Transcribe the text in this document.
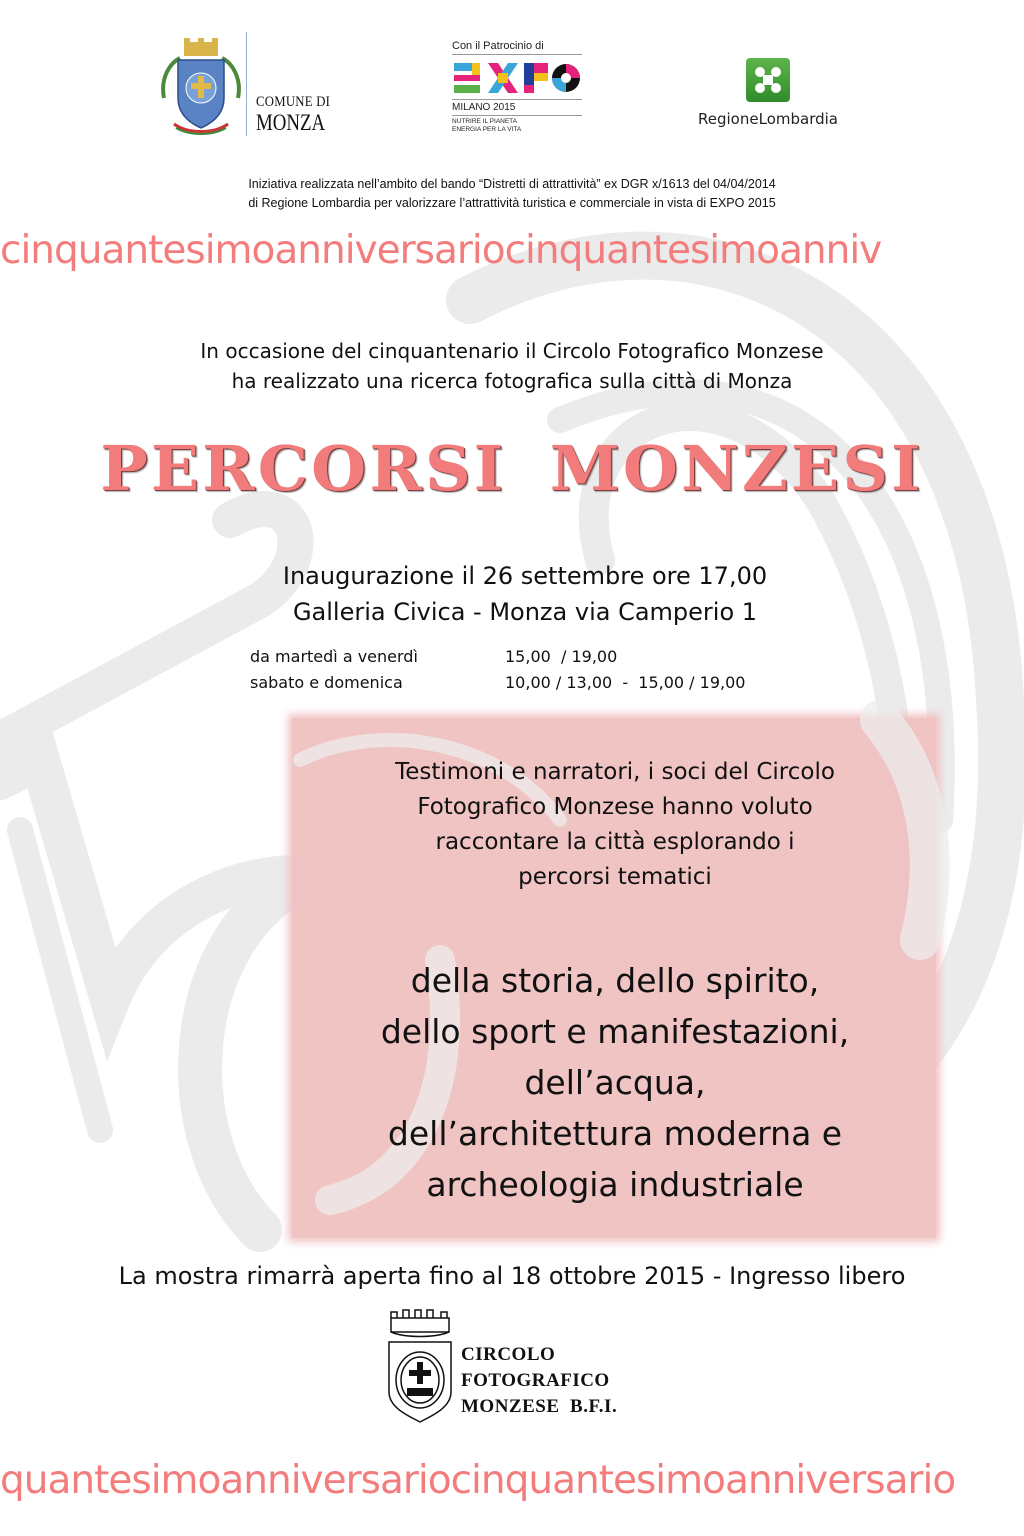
COMUNE DI
MONZA
Con il Patrocinio di
MILANO 2015
NUTRIRE IL PIANETA
ENERGIA PER LA VITA
RegioneLombardia
Iniziativa realizzata nell’ambito del bando “Distretti di attrattività” ex DGR x/1613 del 04/04/2014
di Regione Lombardia per valorizzare l’attrattività turistica e commerciale in vista di EXPO 2015
cinquantesimoanniversariocinquantesimoanniv
In occasione del cinquantenario il Circolo Fotografico Monzese
ha realizzato una ricerca fotografica sulla città di Monza
PERCORSI MONZESI
Inaugurazione il 26 settembre ore 17,00
Galleria Civica - Monza via Camperio 1
da martedì a venerdì	15,00  / 19,00
sabato e domenica	10,00 / 13,00  -  15,00 / 19,00
Testimoni e narratori, i soci del Circolo
Fotografico Monzese hanno voluto
raccontare la città esplorando i
percorsi tematici
della storia, dello spirito,
dello sport e manifestazioni,
dell’acqua,
dell’architettura moderna e
archeologia industriale
La mostra rimarrà aperta fino al 18 ottobre 2015 - Ingresso libero
CIRCOLO
FOTOGRAFICO
MONZESE  B.F.I.
quantesimoanniversariocinquantesimoanniversario
